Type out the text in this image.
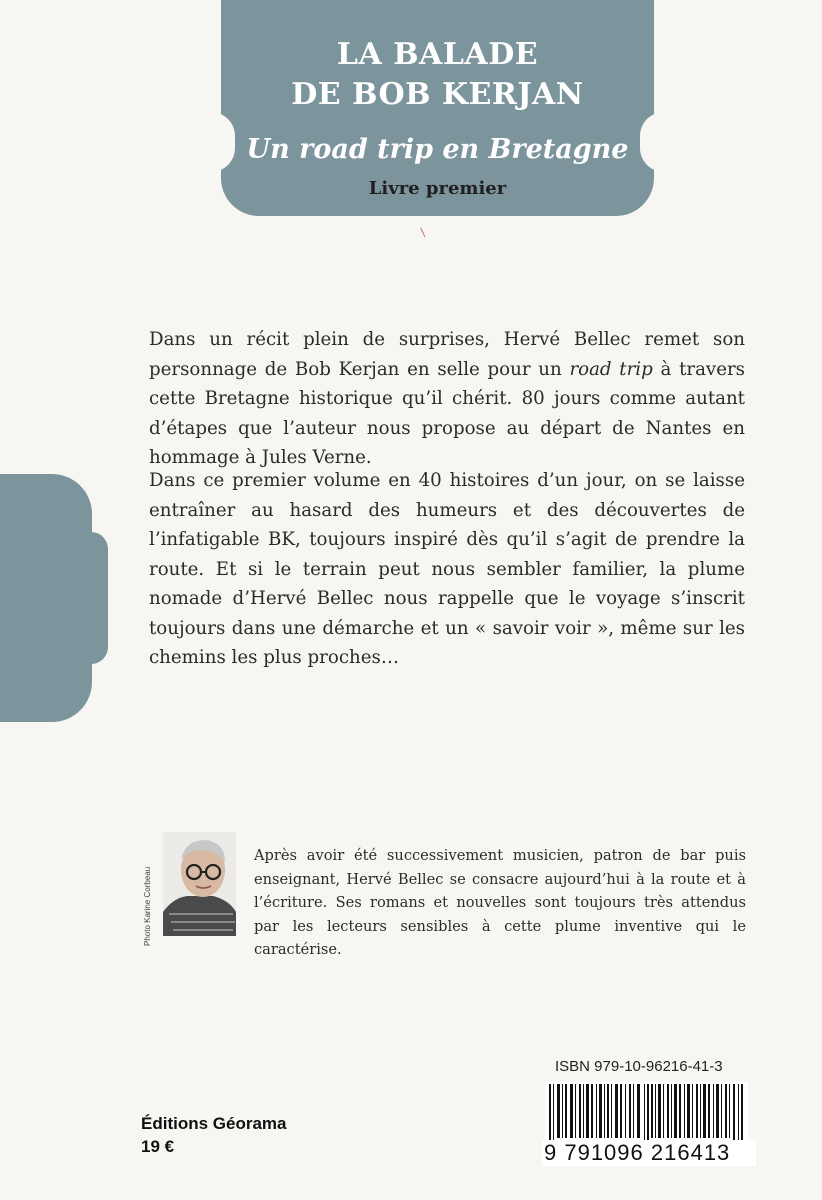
LA BALADE
DE BOB KERJAN
Un road trip en Bretagne
Livre premier
Dans un récit plein de surprises, Hervé Bellec remet son personnage de Bob Kerjan en selle pour un road trip à travers cette Bretagne historique qu’il chérit. 80 jours comme autant d’étapes que l’auteur nous propose au départ de Nantes en hommage à Jules Verne.
Dans ce premier volume en 40 histoires d’un jour, on se laisse entraîner au hasard des humeurs et des découvertes de l’infatigable BK, toujours inspiré dès qu’il s’agit de prendre la route. Et si le terrain peut nous sembler familier, la plume nomade d’Hervé Bellec nous rappelle que le voyage s’inscrit toujours dans une démarche et un « savoir voir », même sur les chemins les plus proches…
Photo Karine Corbeau
Après avoir été successivement musicien, patron de bar puis enseignant, Hervé Bellec se consacre aujourd’hui à la route et à l’écriture. Ses romans et nouvelles sont toujours très attendus par les lecteurs sensibles à cette plume inventive qui le caractérise.
ISBN 979-10-96216-41-3
9 791096 216413
Éditions Géorama
19 €
